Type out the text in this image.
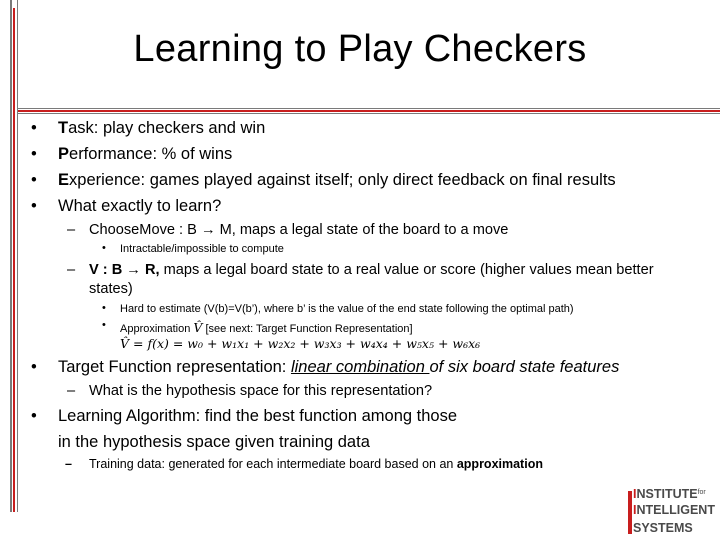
Learning to Play Checkers
• Task: play checkers and win
• Performance: % of wins
• Experience: games played against itself; only direct feedback on final results
• What exactly to learn?
– ChooseMove : B → M, maps a legal state of the board to a move
• Intractable/impossible to compute
– V : B → R, maps a legal board state to a real value or score (higher values mean better
states)
• Hard to estimate (V(b)=V(b’), where b’ is the value of the end state following the optimal path)
• Approximation V̂ [see next: Target Function Representation]
V̂ = f(x) = w₀ + w₁x₁ + w₂x₂ + w₃x₃ + w₄x₄ + w₅x₅ + w₆x₆
• Target Function representation: linear combination of six board state features
– What is the hypothesis space for this representation?
• Learning Algorithm: find the best function among those
in the hypothesis space given training data
– Training data: generated for each intermediate board based on an approximation
$INSTITUTE^{for}$
INTELLIGENT
SYSTEMS
